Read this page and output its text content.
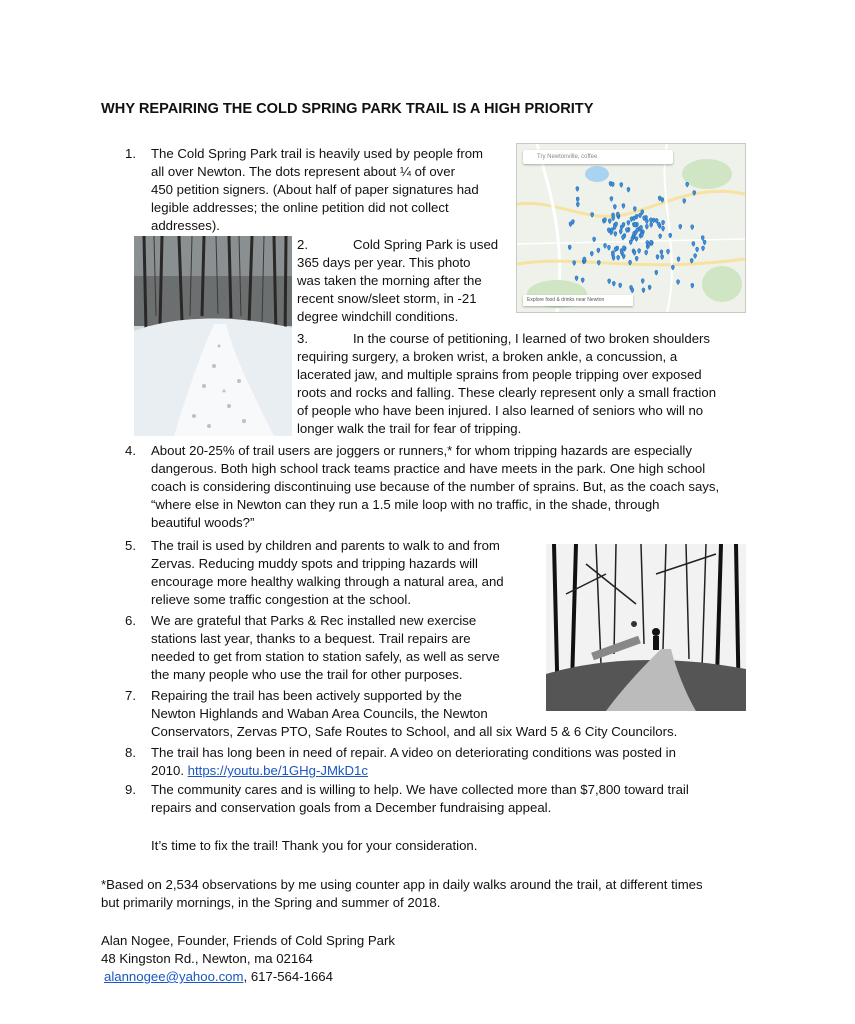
WHY REPAIRING THE COLD SPRING PARK TRAIL IS A HIGH PRIORITY
Try Newtonville, coffee
Explore food & drinks near Newton
1. The Cold Spring Park trail is heavily used by people from
all over Newton. The dots represent about ¼ of over
450 petition signers. (About half of paper signatures had
legible addresses; the online petition did not collect
addresses).
2.	Cold Spring Park is used
365 days per year. This photo
was taken the morning after the
recent snow/sleet storm, in -21
degree windchill conditions.
3.	In the course of petitioning, I learned of two broken shoulders
requiring surgery, a broken wrist, a broken ankle, a concussion, a
lacerated jaw, and multiple sprains from people tripping over exposed
roots and rocks and falling. These clearly represent only a small fraction
of people who have been injured. I also learned of seniors who will no
longer walk the trail for fear of tripping.
4. About 20-25% of trail users are joggers or runners,* for whom tripping hazards are especially
dangerous. Both high school track teams practice and have meets in the park. One high school
coach is considering discontinuing use because of the number of sprains. But, as the coach says,
“where else in Newton can they run a 1.5 mile loop with no traffic, in the shade, through
beautiful woods?”
5. The trail is used by children and parents to walk to and from
Zervas. Reducing muddy spots and tripping hazards will
encourage more healthy walking through a natural area, and
relieve some traffic congestion at the school.
6. We are grateful that Parks & Rec installed new exercise
stations last year, thanks to a bequest. Trail repairs are
needed to get from station to station safely, as well as serve
the many people who use the trail for other purposes.
7. Repairing the trail has been actively supported by the
Newton Highlands and Waban Area Councils, the Newton
Conservators, Zervas PTO, Safe Routes to School, and all six Ward 5 & 6 City Councilors.
8. The trail has long been in need of repair. A video on deteriorating conditions was posted in
2010. https://youtu.be/1GHg-JMkD1c
9. The community cares and is willing to help. We have collected more than $7,800 toward trail
repairs and conservation goals from a December fundraising appeal.
It’s time to fix the trail! Thank you for your consideration.
*Based on 2,534 observations by me using counter app in daily walks around the trail, at different times
but primarily mornings, in the Spring and summer of 2018.
Alan Nogee, Founder, Friends of Cold Spring Park
48 Kingston Rd., Newton, ma 02164
alannogee@yahoo.com, 617-564-1664
